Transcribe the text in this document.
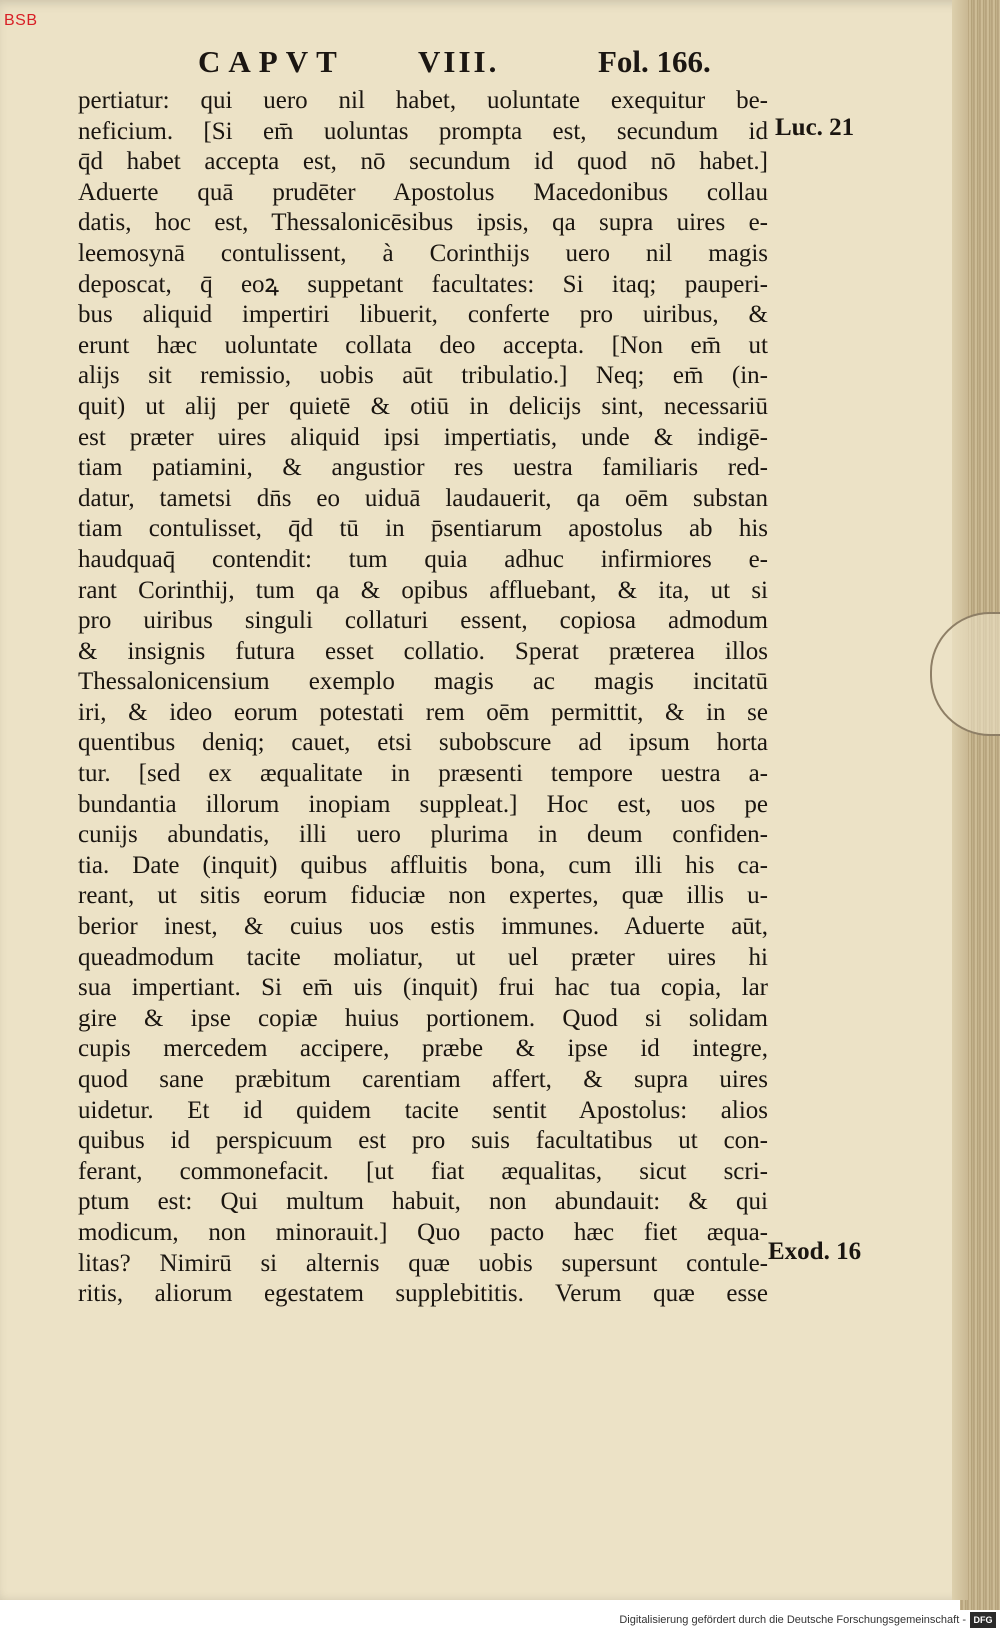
BSB
CAPVT VIII.	Fol. 166.
Luc. 21
Exod. 16
pertiatur: qui uero nil habet, uoluntate exequitur be-
neficium. [Si em̄ uoluntas prompta est, secundum id
q̄d habet accepta est, nō secundum id quod nō habet.]
Aduerte quā prudēter Apostolus Macedonibus collau
datis, hoc est, Thessalonicēsibus ipsis, qa supra uires e-
leemosynā contulissent, à Corinthijs uero nil magis
deposcat, q̄ eoꝝ suppetant facultates: Si itaq; pauperi-
bus aliquid impertiri libuerit, conferte pro uiribus, &
erunt hæc uoluntate collata deo accepta. [Non em̄ ut
alijs sit remissio, uobis aūt tribulatio.] Neq; em̄ (in-
quit) ut alij per quietē & otiū in delicijs sint, necessariū
est præter uires aliquid ipsi impertiatis, unde & indigē-
tiam patiamini, & angustior res uestra familiaris red-
datur, tametsi dn̄s eo uiduā laudauerit, qa oēm substan
tiam contulisset, q̄d tū in p̄sentiarum apostolus ab his
haudquaq̄ contendit: tum quia adhuc infirmiores e-
rant Corinthij, tum qa & opibus affluebant, & ita, ut si
pro uiribus singuli collaturi essent, copiosa admodum
& insignis futura esset collatio. Sperat præterea illos
Thessalonicensium exemplo magis ac magis incitatū
iri, & ideo eorum potestati rem oēm permittit, & in se
quentibus deniq; cauet, etsi subobscure ad ipsum horta
tur. [sed ex æqualitate in præsenti tempore uestra a-
bundantia illorum inopiam suppleat.] Hoc est, uos pe
cunijs abundatis, illi uero plurima in deum confiden-
tia. Date (inquit) quibus affluitis bona, cum illi his ca-
reant, ut sitis eorum fiduciæ non expertes, quæ illis u-
berior inest, & cuius uos estis immunes. Aduerte aūt,
queadmodum tacite moliatur, ut uel præter uires hi
sua impertiant. Si em̄ uis (inquit) frui hac tua copia, lar
gire & ipse copiæ huius portionem. Quod si solidam
cupis mercedem accipere, præbe & ipse id integre,
quod sane præbitum carentiam affert, & supra uires
uidetur. Et id quidem tacite sentit Apostolus: alios
quibus id perspicuum est pro suis facultatibus ut con-
ferant, commonefacit. [ut fiat æqualitas, sicut scri-
ptum est: Qui multum habuit, non abundauit: & qui
modicum, non minorauit.] Quo pacto hæc fiet æqua-
litas? Nimirū si alternis quæ uobis supersunt contule-
ritis, aliorum egestatem supplebititis. Verum quæ esse
Digitalisierung gefördert durch die Deutsche Forschungsgemeinschaft - DFG
